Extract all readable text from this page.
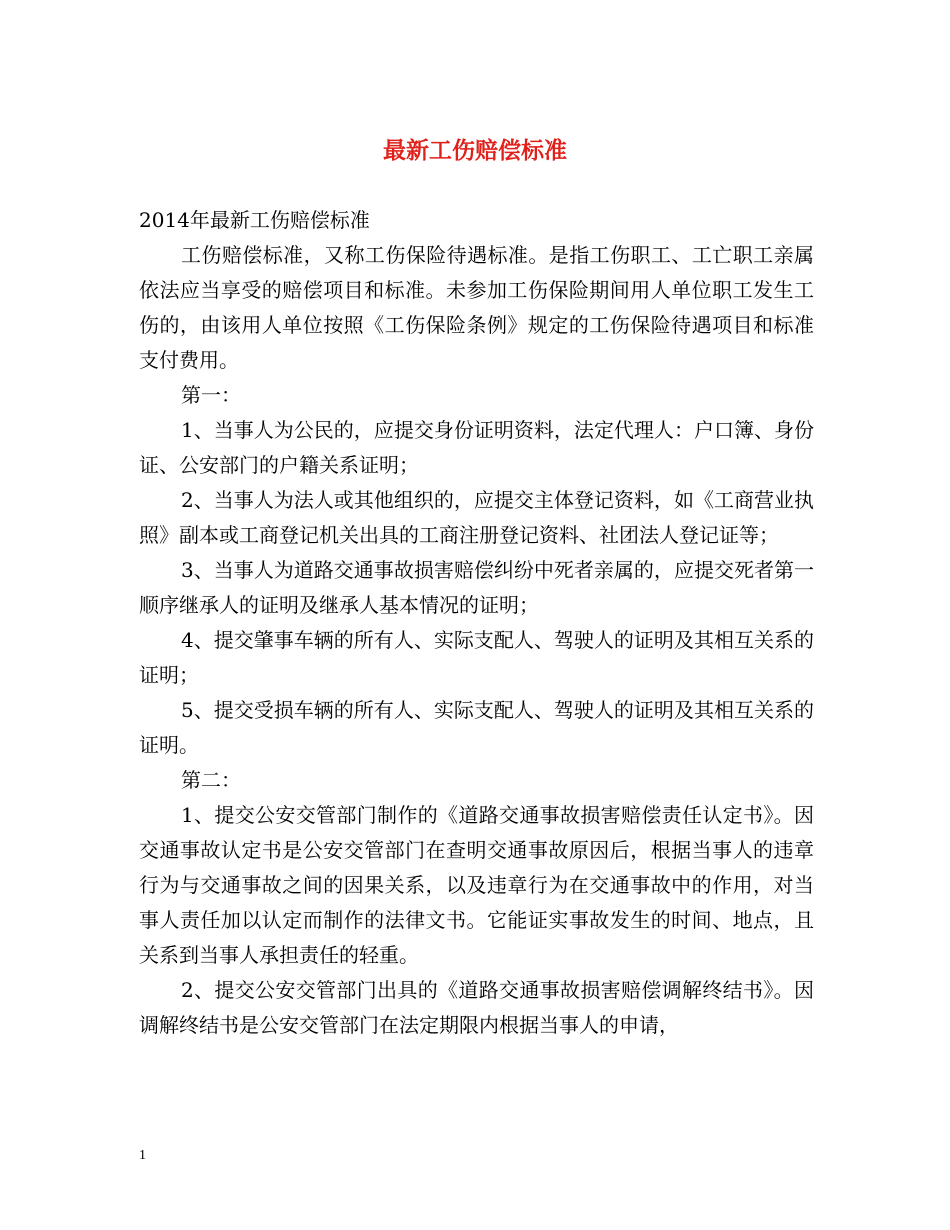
最新工伤赔偿标准

2014年最新工伤赔偿标准

工伤赔偿标准，又称工伤保险待遇标准。是指工伤职工、工亡职工亲属依法应当享受的赔偿项目和标准。未参加工伤保险期间用人单位职工发生工伤的，由该用人单位按照《工伤保险条例》规定的工伤保险待遇项目和标准支付费用。

第一：

1、当事人为公民的，应提交身份证明资料，法定代理人：户口簿、身份证、公安部门的户籍关系证明；

2、当事人为法人或其他组织的，应提交主体登记资料，如《工商营业执照》副本或工商登记机关出具的工商注册登记资料、社团法人登记证等；

3、当事人为道路交通事故损害赔偿纠纷中死者亲属的，应提交死者第一顺序继承人的证明及继承人基本情况的证明；

4、提交肇事车辆的所有人、实际支配人、驾驶人的证明及其相互关系的证明；

5、提交受损车辆的所有人、实际支配人、驾驶人的证明及其相互关系的证明。

第二：

1、提交公安交管部门制作的《道路交通事故损害赔偿责任认定书》。因交通事故认定书是公安交管部门在查明交通事故原因后，根据当事人的违章行为与交通事故之间的因果关系，以及违章行为在交通事故中的作用，对当事人责任加以认定而制作的法律文书。它能证实事故发生的时间、地点，且关系到当事人承担责任的轻重。

2、提交公安交管部门出具的《道路交通事故损害赔偿调解终结书》。因调解终结书是公安交管部门在法定期限内根据当事人的申请，

1
